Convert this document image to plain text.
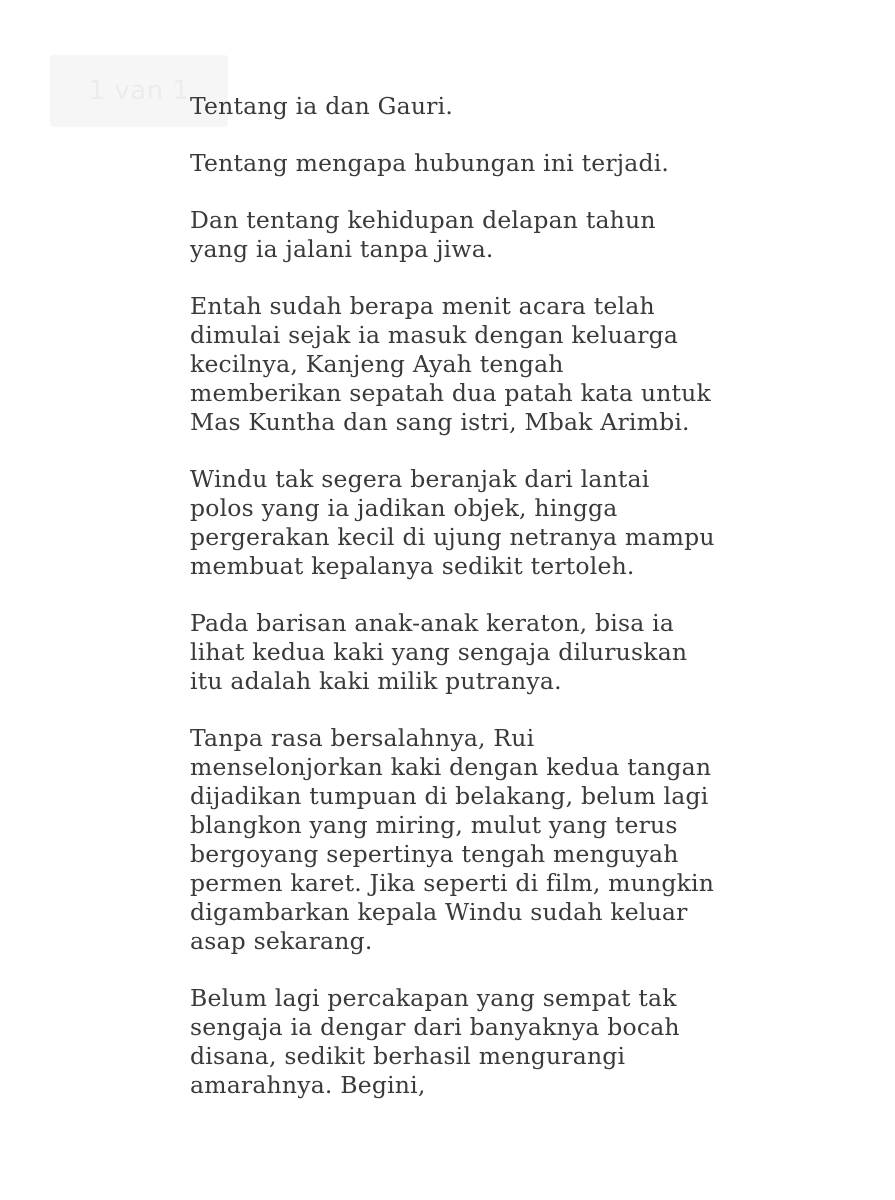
1 van 1 Tentang ia dan Gauri.

Tentang mengapa hubungan ini terjadi.

Dan tentang kehidupan delapan tahun
yang ia jalani tanpa jiwa.

Entah sudah berapa menit acara telah
dimulai sejak ia masuk dengan keluarga
kecilnya, Kanjeng Ayah tengah
memberikan sepatah dua patah kata untuk
Mas Kuntha dan sang istri, Mbak Arimbi.

Windu tak segera beranjak dari lantai
polos yang ia jadikan objek, hingga
pergerakan kecil di ujung netranya mampu
membuat kepalanya sedikit tertoleh.

Pada barisan anak-anak keraton, bisa ia
lihat kedua kaki yang sengaja diluruskan
itu adalah kaki milik putranya.

Tanpa rasa bersalahnya, Rui
menselonjorkan kaki dengan kedua tangan
dijadikan tumpuan di belakang, belum lagi
blangkon yang miring, mulut yang terus
bergoyang sepertinya tengah menguyah
permen karet. Jika seperti di film, mungkin
digambarkan kepala Windu sudah keluar
asap sekarang.

Belum lagi percakapan yang sempat tak
sengaja ia dengar dari banyaknya bocah
disana, sedikit berhasil mengurangi
amarahnya. Begini,
